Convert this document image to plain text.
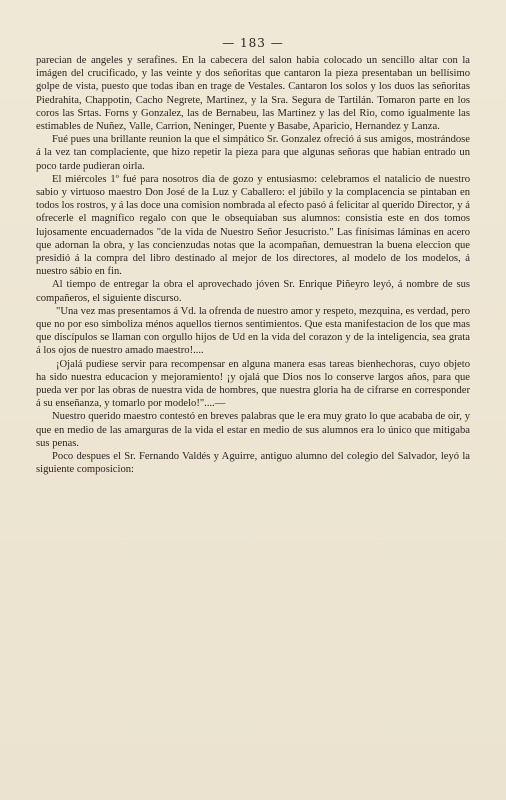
— 183 —

parecian de angeles y serafines. En la cabecera del salon habia colocado un sencillo altar con la imágen del crucificado, y las veinte y dos señoritas que cantaron la pieza presentaban un bellísimo golpe de vista, puesto que todas iban en trage de Vestales. Cantaron los solos y los duos las señoritas Piedrahita, Chappotin, Cacho Negrete, Martinez, y la Sra. Segura de Tartilán. Tomaron parte en los coros las Srtas. Forns y Gonzalez, las de Bernabeu, las Martinez y las del Rio, como igualmente las estimables de Nuñez, Valle, Carrion, Neninger, Puente y Basabe, Aparicio, Hernandez y Lanza.

Fué pues una brillante reunion la que el simpático Sr. Gonzalez ofreció á sus amigos, mostrándose á la vez tan complaciente, que hizo repetir la pieza para que algunas señoras que habian entrado un poco tarde pudieran oirla.

El miércoles 1º fué para nosotros dia de gozo y entusiasmo: celebramos el natalicio de nuestro sabio y virtuoso maestro Don José de la Luz y Caballero: el júbilo y la complacencia se pintaban en todos los rostros, y á las doce una comision nombrada al efecto pasó á felicitar al querido Director, y á ofrecerle el magnífico regalo con que le obsequiaban sus alumnos: consistia este en dos tomos lujosamente encuadernados "de la vida de Nuestro Señor Jesucristo." Las finísimas láminas en acero que adornan la obra, y las concienzudas notas que la acompañan, demuestran la buena eleccion que presidió á la compra del libro destinado al mejor de los directores, al modelo de los modelos, á nuestro sábio en fin.

Al tiempo de entregar la obra el aprovechado jóven Sr. Enrique Piñeyro leyó, á nombre de sus compañeros, el siguiente discurso.

"Una vez mas presentamos á Vd. la ofrenda de nuestro amor y respeto, mezquina, es verdad, pero que no por eso simboliza ménos aquellos tiernos sentimientos. Que esta manifestacion de los que mas que discípulos se llaman con orgullo hijos de Ud en la vida del corazon y de la inteligencia, sea grata á los ojos de nuestro amado maestro!....

¡Ojalá pudiese servir para recompensar en alguna manera esas tareas bienhechoras, cuyo objeto ha sido nuestra educacion y mejoramiento! ¡y ojalá que Dios nos lo conserve largos años, para que pueda ver por las obras de nuestra vida de hombres, que nuestra gloria ha de cifrarse en corresponder á su enseñanza, y tomarlo por modelo!"....—

Nuestro querido maestro contestó en breves palabras que le era muy grato lo que acababa de oir, y que en medio de las amarguras de la vida el estar en medio de sus alumnos era lo único que mitigaba sus penas.

Poco despues el Sr. Fernando Valdés y Aguirre, antiguo alumno del colegio del Salvador, leyó la siguiente composicion:
